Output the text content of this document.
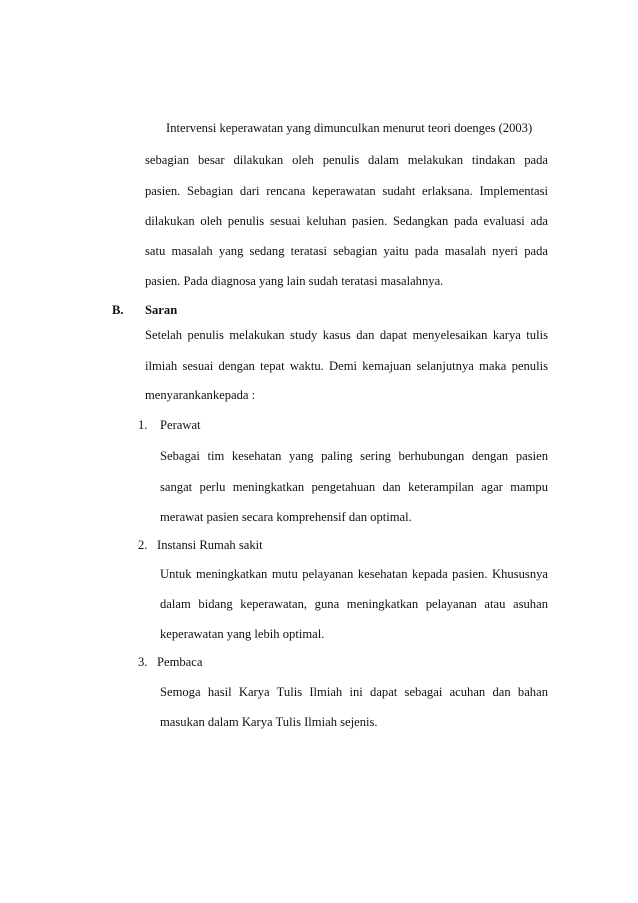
Intervensi keperawatan yang dimunculkan menurut teori doenges (2003)
sebagian besar dilakukan oleh penulis dalam melakukan tindakan pada
pasien. Sebagian dari rencana keperawatan sudaht erlaksana. Implementasi
dilakukan oleh penulis sesuai keluhan pasien. Sedangkan pada evaluasi ada
satu masalah yang sedang teratasi sebagian yaitu pada masalah nyeri pada
pasien. Pada diagnosa yang lain sudah teratasi masalahnya.
B. Saran
Setelah penulis melakukan study kasus dan dapat menyelesaikan karya tulis
ilmiah sesuai dengan tepat waktu. Demi kemajuan selanjutnya maka penulis
menyarankankepada :
1. Perawat
Sebagai tim kesehatan yang paling sering berhubungan dengan pasien
sangat perlu meningkatkan pengetahuan dan keterampilan agar mampu
merawat pasien secara komprehensif dan optimal.
2. Instansi Rumah sakit
Untuk meningkatkan mutu pelayanan kesehatan kepada pasien. Khususnya
dalam bidang keperawatan, guna meningkatkan pelayanan atau asuhan
keperawatan yang lebih optimal.
3. Pembaca
Semoga hasil Karya Tulis Ilmiah ini dapat sebagai acuhan dan bahan
masukan dalam Karya Tulis Ilmiah sejenis.
